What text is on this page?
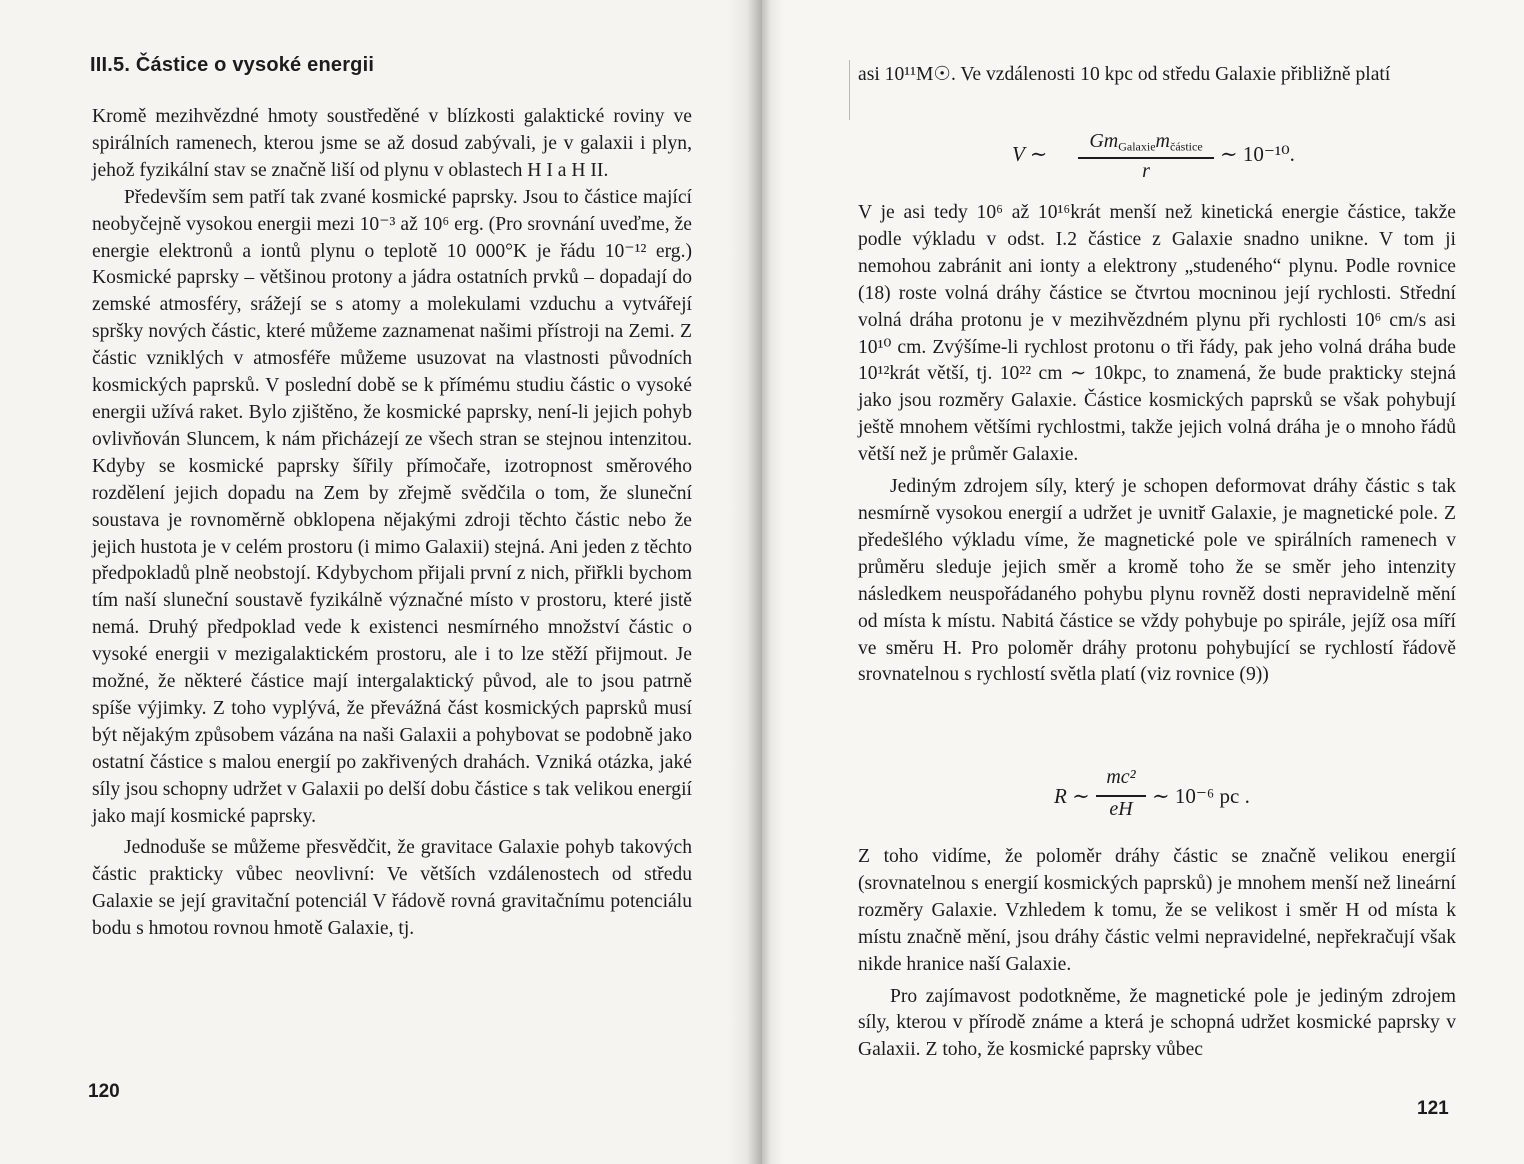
III.5. Částice o vysoké energii

Kromě mezihvězdné hmoty soustředěné v blízkosti galaktické roviny ve spirálních ramenech, kterou jsme se až dosud zabývali, je v galaxii i plyn, jehož fyzikální stav se značně liší od plynu v oblastech H I a H II.

Především sem patří tak zvané kosmické paprsky. Jsou to částice mající neobyčejně vysokou energii mezi 10⁻³ až 10⁶ erg. (Pro srovnání uveďme, že energie elektronů a iontů plynu o teplotě 10 000°K je řádu 10⁻¹² erg.) Kosmické paprsky – většinou protony a jádra ostatních prvků – dopadají do zemské atmosféry, srážejí se s atomy a molekulami vzduchu a vytvářejí spršky nových částic, které můžeme zaznamenat našimi přístroji na Zemi. Z částic vzniklých v atmosféře můžeme usuzovat na vlastnosti původních kosmických paprsků. V poslední době se k přímému studiu částic o vysoké energii užívá raket. Bylo zjištěno, že kosmické paprsky, není-li jejich pohyb ovlivňován Sluncem, k nám přicházejí ze všech stran se stejnou intenzitou. Kdyby se kosmické paprsky šířily přímočaře, izotropnost směrového rozdělení jejich dopadu na Zem by zřejmě svědčila o tom, že sluneční soustava je rovnoměrně obklopena nějakými zdroji těchto částic nebo že jejich hustota je v celém prostoru (i mimo Galaxii) stejná. Ani jeden z těchto předpokladů plně neobstojí. Kdybychom přijali první z nich, přiřkli bychom tím naší sluneční soustavě fyzikálně význačné místo v prostoru, které jistě nemá. Druhý předpoklad vede k existenci nesmírného množství částic o vysoké energii v mezigalaktickém prostoru, ale i to lze stěží přijmout. Je možné, že některé částice mají intergalaktický původ, ale to jsou patrně spíše výjimky. Z toho vyplývá, že převážná část kosmických paprsků musí být nějakým způsobem vázána na naši Galaxii a pohybovat se podobně jako ostatní částice s malou energií po zakřivených drahách. Vzniká otázka, jaké síly jsou schopny udržet v Galaxii po delší dobu částice s tak velikou energií jako mají kosmické paprsky.

Jednoduše se můžeme přesvědčit, že gravitace Galaxie pohyb takových částic prakticky vůbec neovlivní: Ve větších vzdálenostech od středu Galaxie se její gravitační potenciál V řádově rovná gravitačnímu potenciálu bodu s hmotou rovnou hmotě Galaxie, tj.

120

asi 10¹¹M☉. Ve vzdálenosti 10 kpc od středu Galaxie přibližně platí

V ∼
$Gm_{Galaxie}m_{částice}$
r
∼ 10⁻¹⁰.

V je asi tedy 10⁶ až 10¹⁶krát menší než kinetická energie částice, takže podle výkladu v odst. I.2 částice z Galaxie snadno unikne. V tom ji nemohou zabránit ani ionty a elektrony „studeného“ plynu. Podle rovnice (18) roste volná dráhy částice se čtvrtou mocninou její rychlosti. Střední volná dráha protonu je v mezihvězdném plynu při rychlosti 10⁶ cm/s asi 10¹⁰ cm. Zvýšíme-li rychlost protonu o tři řády, pak jeho volná dráha bude 10¹²krát větší, tj. 10²² cm ∼ 10kpc, to znamená, že bude prakticky stejná jako jsou rozměry Galaxie. Částice kosmických paprsků se však pohybují ještě mnohem většími rychlostmi, takže jejich volná dráha je o mnoho řádů větší než je průměr Galaxie.

Jediným zdrojem síly, který je schopen deformovat dráhy částic s tak nesmírně vysokou energií a udržet je uvnitř Galaxie, je magnetické pole. Z předešlého výkladu víme, že magnetické pole ve spirálních ramenech v průměru sleduje jejich směr a kromě toho že se směr jeho intenzity následkem neuspořádaného pohybu plynu rovněž dosti nepravidelně mění od místa k místu. Nabitá částice se vždy pohybuje po spirále, jejíž osa míří ve směru H. Pro poloměr dráhy protonu pohybující se rychlostí řádově srovnatelnou s rychlostí světla platí (viz rovnice (9))

R ∼
mc²
eH
∼ 10⁻⁶ pc .

Z toho vidíme, že poloměr dráhy částic se značně velikou energií (srovnatelnou s energií kosmických paprsků) je mnohem menší než lineární rozměry Galaxie. Vzhledem k tomu, že se velikost i směr H od místa k místu značně mění, jsou dráhy částic velmi nepravidelné, nepřekračují však nikde hranice naší Galaxie.

Pro zajímavost podotkněme, že magnetické pole je jediným zdrojem síly, kterou v přírodě známe a která je schopná udržet kosmické paprsky v Galaxii. Z toho, že kosmické paprsky vůbec

121
